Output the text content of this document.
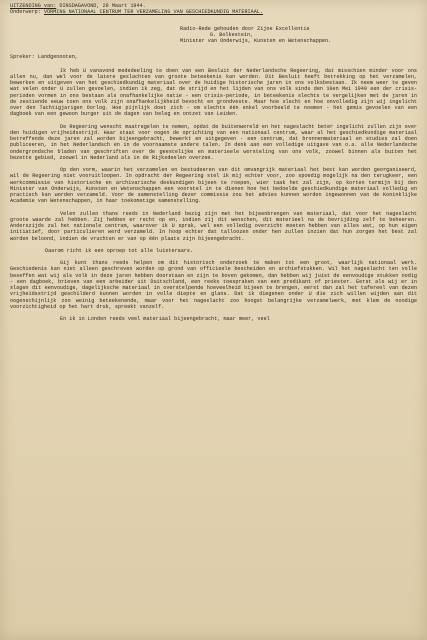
UITZENDING van: DINSDAGAVOND, 28 Maart 1944.
Onderwerp: VORMING NATIONAAL CENTRUM TER VERZAMELING VAN GESCHIEDKUNDIG MATERIAAL.
Radio-Rede gehouden door Zijne Excellentie
G. Bolkestein,
Minister van Onderwijs, Kunsten en Wetenschappen.
Spreker: Landgenooten,
Ik heb U vanavond mededeeling te doen van een Besluit der Nederlandsche Regeering, dat misschien minder voor ons allen nu, dan wel voor de latere geslachten van groote beteekenis kan worden. Dit Besluit heeft betrekking op het verzamelen, bewerken en uitgeven van het geschiedkundig materiaal over de huidige historische jaren in ons volksbestaan. Ik neem weer te geven wat velen onder U zullen gevoelen, indien ik zeg, dat de strijd en het lijden van ons volk sinds den 10en Mei 1940 een der crisis-perioden vormen in ons bestaan als onafhankelijke natie - een crisis-periode, in beteekenis slechts te vergelijken met de jaren in de zestiende eeuw toen ons volk zijn onafhankelijkheid bevocht en grondveste. Maar hoe slecht en hoe onvolledig zijn wij ingelicht over den Tachtigjarigen Oorlog. Hoe pijnlijk doet zich - om slechts één enkel voorbeeld te noemen - het gemis gevoelen van een dagboek van een gewoon burger uit de dagen van beleg en ontzet van Leiden.
De Regeering wenscht maatregelen te nemen, opdat de buitenwereld en het nageslacht beter ingelicht zullen zijn over den huidigen vrijheidsstrijd. Haar staat voor oogen de oprichting van een nationaal centrum, waar al het geschiedkundige materiaal betreffende deze jaren zal worden bijeengebracht, bewerkt en uitgegeven - een centrum, dat bronnenmateriaal en studies zal doen publiceeren, in het Nederlandsch en in de voornaamste andere talen. In denk aan een volledige uitgave van o.a. alle Nederlandsche ondergrondsche bladen van geschriften over de geestelijke en materieele worsteling van ons volk, zoowel binnen als buiten het bezette gebied, zoowel in Nederland als in de Rijksdeelen overzee.
Op den vorm, waarin het verzamelen en bestudeeren van dit omvangrijk materiaal het best kan worden georganiseerd, wil de Regeering niet vooruitloopen. In opdracht der Regeering stel ik mij echter voor, zoo spoedig mogelijk na den terugkeer, een werkcommissie van historische en archivarische deskundigen bijeen te roepen, wier taak het zal zijn, op korten termijn bij den Minister van Onderwijs, Kunsten en Wetenschappen een voorstel in te dienen hoe het bedoelde geschiedkundige materiaal volledig en practisch kan worden verzameld. Voor de samenstelling dezer commissie zou het advies kunnen worden ingewonnen van de Koninklijke Academie van Wetenschappen, in haar toekomstige samenstelling.
Velen zullen thans reeds in Nederland bezig zijn met het bijeenbrengen van materiaal, dat voor het nageslacht groote waarde zal hebben. Zij hebben er recht op en, indien zij dit wenschen, dit materieel na de bevrijding zelf te beheeren. Anderszijds zal het nationale centrum, waarover ik U sprak, wel een volledig overzicht moeten hebben van alles wat, op hun eigen initiatief, door particulieren werd verzameld. In hoop echter dat talloozen onder hen zullen inzien dat hun zorgen het best zal worden beloond, indien de vruchten er van op één plaats zijn bijeengebracht.
Daarom richt ik een oproep tot alle luisteraars.
Gij kunt thans reeds helpen om dit historisch onderzoek te maken tot een groot, waarlijk nationaal werk. Geschiedenis kan niet alleen geschreven worden op grond van officieele bescheiden en archiefstukken. Wil het nageslacht ten volle beseffen wat wij als volk in deze jaren hebben doorstaan en zijn te boven gekomen, dan hebben wij juist de eenvoudige stukken nodig - een dagboek, brieven van een arbeider uit Duitschland, een reeks toespraken van een predikant of priester. Eerst als wij er in slagen dit eenvoudige, dagelijksche materiaal in overstelpende hoeveelheid bijeen te brengen, eerst dan zal het tafereel van dezen vrijheidsstrijd geschilderd kunnen worden in volle diepte en glans. Dat ik diegenen onder U die zich willen wijden aan dit oogenschijnlijk zoo weinig beteekenende, maar voor het nageslacht zoo hoogst belangrijke verzamelwerk, met klem de noodige voorzichtigheid op het hart druk, spreekt vanzelf.
En ik in Londen reeds veel materiaal bijeengebracht, maar meer, veel
